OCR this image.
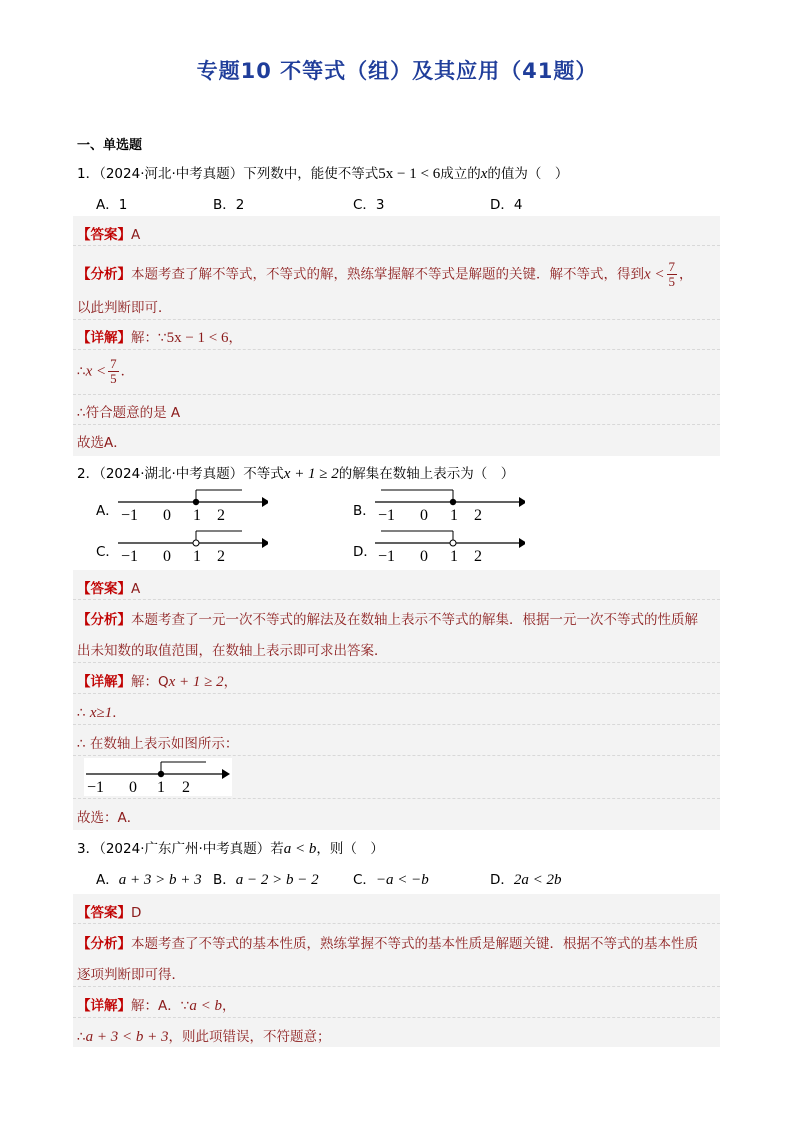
专题10 不等式（组）及其应用（41题）
一、单选题
1．（2024·河北·中考真题）下列数中，能使不等式5x − 1 < 6成立的x的值为（　）
A．1	B．2	C．3	D．4
【答案】A
【分析】本题考查了解不等式，不等式的解，熟练掌握解不等式是解题的关键．解不等式，得到$x < \frac{7}{5}$ ，
以此判断即可．
【详解】解：∵5x − 1 < 6，
∴x < $\frac{7}{5}$ ．
∴符合题意的是 A
故选A．
2．（2024·湖北·中考真题）不等式x + 1 ≥ 2的解集在数轴上表示为（　）
A． −1 0 1 2	B． −1 0 1 2
C． −1 0 1 2	D． −1 0 1 2
【答案】A
【分析】本题考查了一元一次不等式的解法及在数轴上表示不等式的解集．根据一元一次不等式的性质解
出未知数的取值范围，在数轴上表示即可求出答案．
【详解】解：Qx + 1 ≥ 2，
∴ x≥1．
∴ 在数轴上表示如图所示：
−1 0 1 2
故选：A．
3．（2024·广东广州·中考真题）若a < b，则（　）
A．a + 3 > b + 3 B．a − 2 > b − 2	C．−a < −b	D．2a < 2b
【答案】D
【分析】本题考查了不等式的基本性质，熟练掌握不等式的基本性质是解题关键．根据不等式的基本性质
逐项判断即可得．
【详解】解：A．∵a < b，
∴a + 3 < b + 3，则此项错误，不符题意；
